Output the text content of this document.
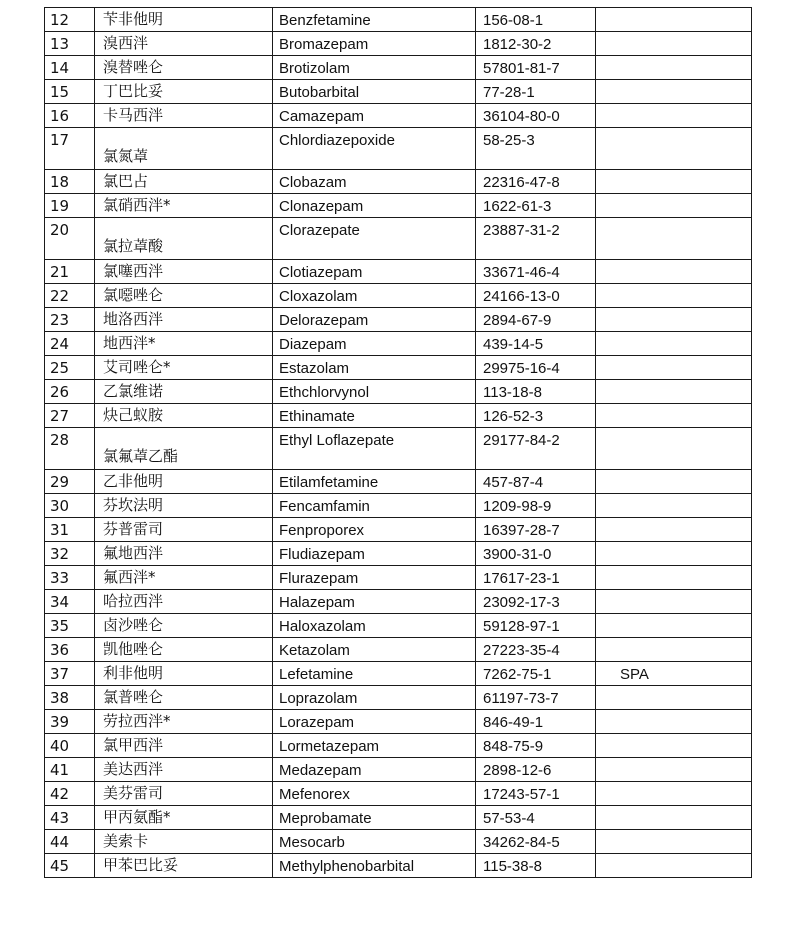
12	苄非他明	Benzfetamine	156-08-1	
13	溴西泮	Bromazepam	1812-30-2	
14	溴替唑仑	Brotizolam	57801-81-7	
15	丁巴比妥	Butobarbital	77-28-1	
16	卡马西泮	Camazepam	36104-80-0	
17	氯氮䓬	Chlordiazepoxide	58-25-3	
18	氯巴占	Clobazam	22316-47-8	
19	氯硝西泮*	Clonazepam	1622-61-3	
20	氯拉䓬酸	Clorazepate	23887-31-2	
21	氯噻西泮	Clotiazepam	33671-46-4	
22	氯噁唑仑	Cloxazolam	24166-13-0	
23	地洛西泮	Delorazepam	2894-67-9	
24	地西泮*	Diazepam	439-14-5	
25	艾司唑仑*	Estazolam	29975-16-4	
26	乙氯维诺	Ethchlorvynol	113-18-8	
27	炔己蚁胺	Ethinamate	126-52-3	
28	氯氟䓬乙酯	Ethyl Loflazepate	29177-84-2	
29	乙非他明	Etilamfetamine	457-87-4	
30	芬坎法明	Fencamfamin	1209-98-9	
31	芬普雷司	Fenproporex	16397-28-7	
32	氟地西泮	Fludiazepam	3900-31-0	
33	氟西泮*	Flurazepam	17617-23-1	
34	哈拉西泮	Halazepam	23092-17-3	
35	卤沙唑仑	Haloxazolam	59128-97-1	
36	凯他唑仑	Ketazolam	27223-35-4	
37	利非他明	Lefetamine	7262-75-1	SPA
38	氯普唑仑	Loprazolam	61197-73-7	
39	劳拉西泮*	Lorazepam	846-49-1	
40	氯甲西泮	Lormetazepam	848-75-9	
41	美达西泮	Medazepam	2898-12-6	
42	美芬雷司	Mefenorex	17243-57-1	
43	甲丙氨酯*	Meprobamate	57-53-4	
44	美索卡	Mesocarb	34262-84-5	
45	甲苯巴比妥	Methylphenobarbital	115-38-8	
